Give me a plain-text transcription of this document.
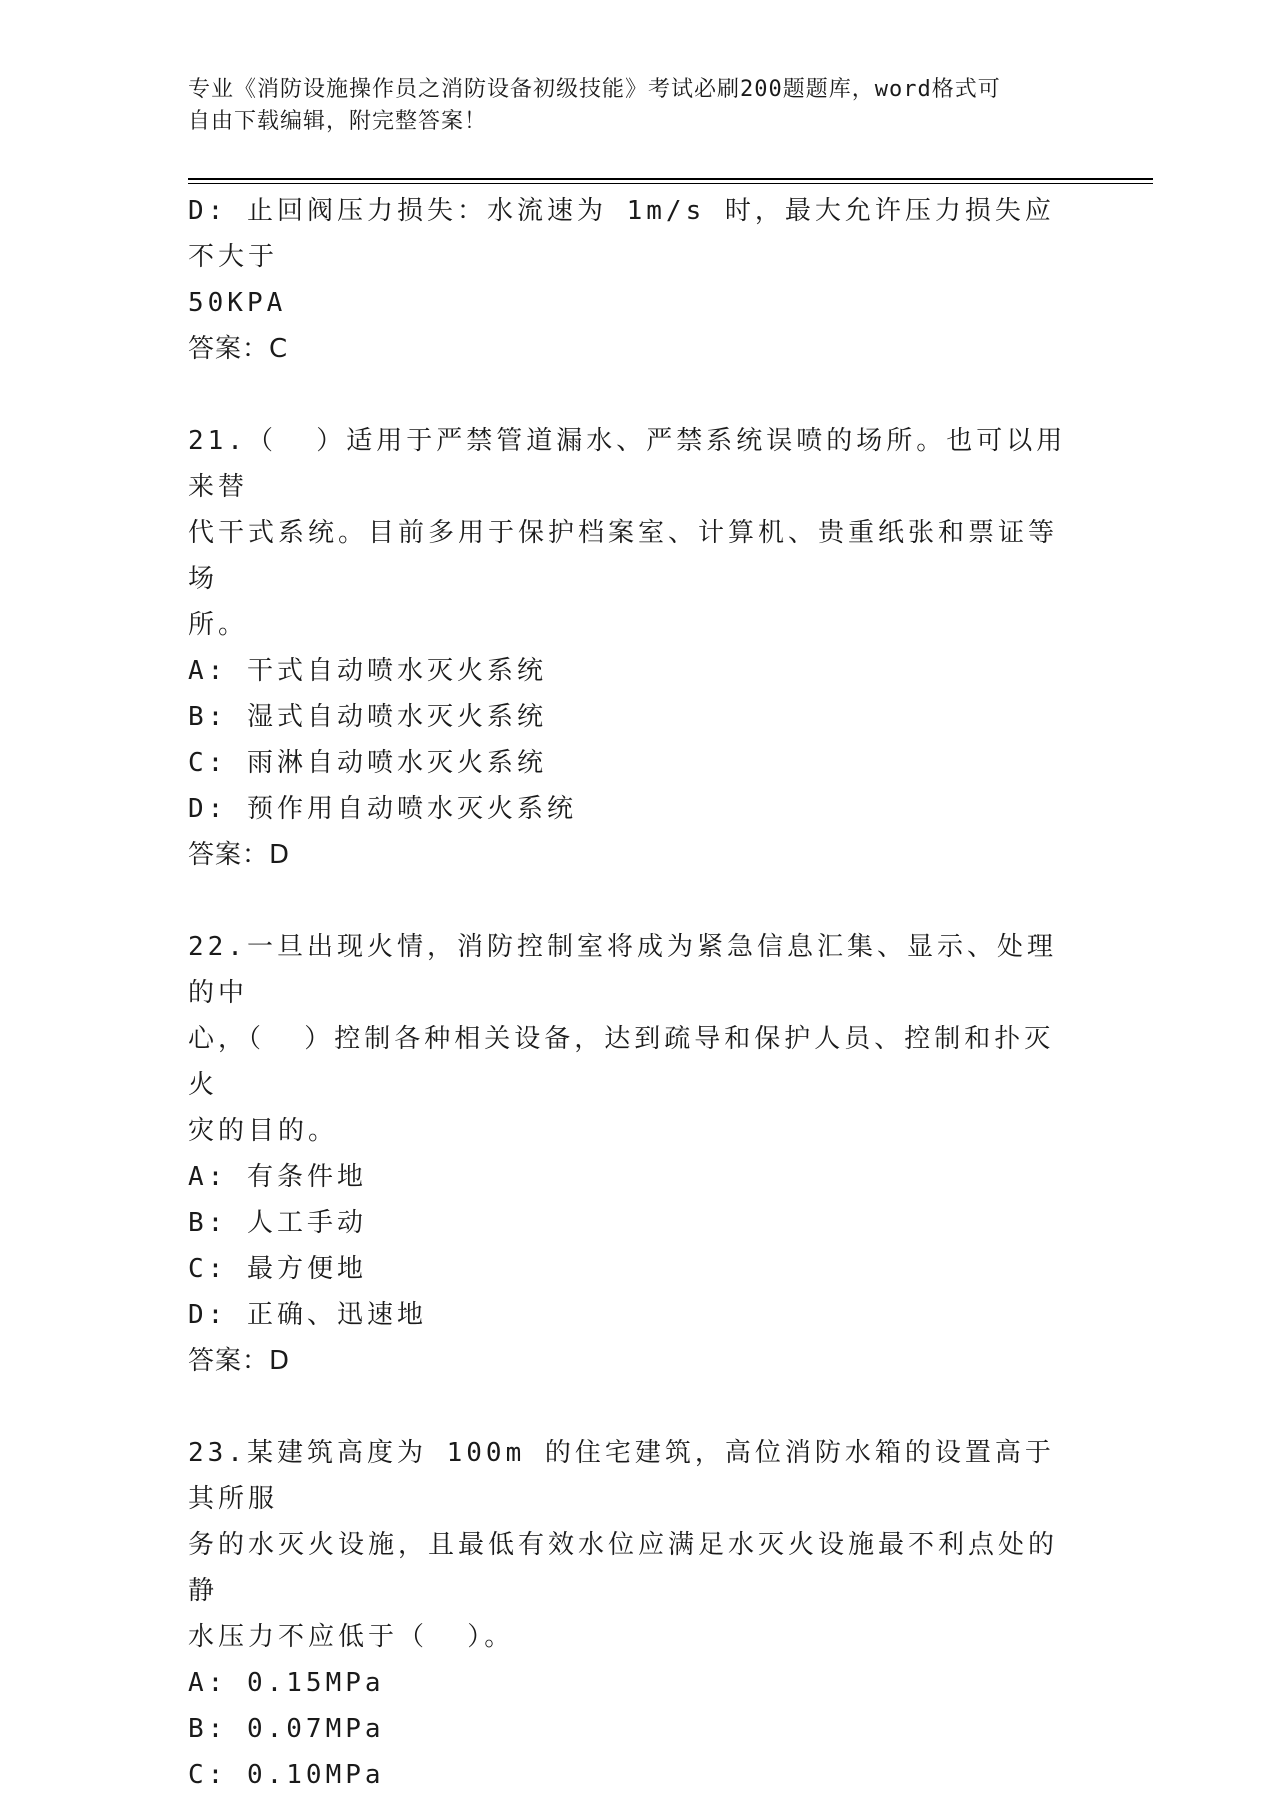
专业《消防设施操作员之消防设备初级技能》考试必刷200题题库，word格式可
自由下载编辑，附完整答案！
D: 止回阀压力损失：水流速为 1m/s 时，最大允许压力损失应不大于
50KPA
答案：C
21.（  ）适用于严禁管道漏水、严禁系统误喷的场所。也可以用来替
代干式系统。目前多用于保护档案室、计算机、贵重纸张和票证等场
所。
A: 干式自动喷水灭火系统
B: 湿式自动喷水灭火系统
C: 雨淋自动喷水灭火系统
D: 预作用自动喷水灭火系统
答案：D
22.一旦出现火情，消防控制室将成为紧急信息汇集、显示、处理的中
心，（  ）控制各种相关设备，达到疏导和保护人员、控制和扑灭火
灾的目的。
A: 有条件地
B: 人工手动
C: 最方便地
D: 正确、迅速地
答案：D
23.某建筑高度为 100m 的住宅建筑，高位消防水箱的设置高于其所服
务的水灭火设施，且最低有效水位应满足水灭火设施最不利点处的静
水压力不应低于（  ）。
A: 0.15MPa
B: 0.07MPa
C: 0.10MPa
